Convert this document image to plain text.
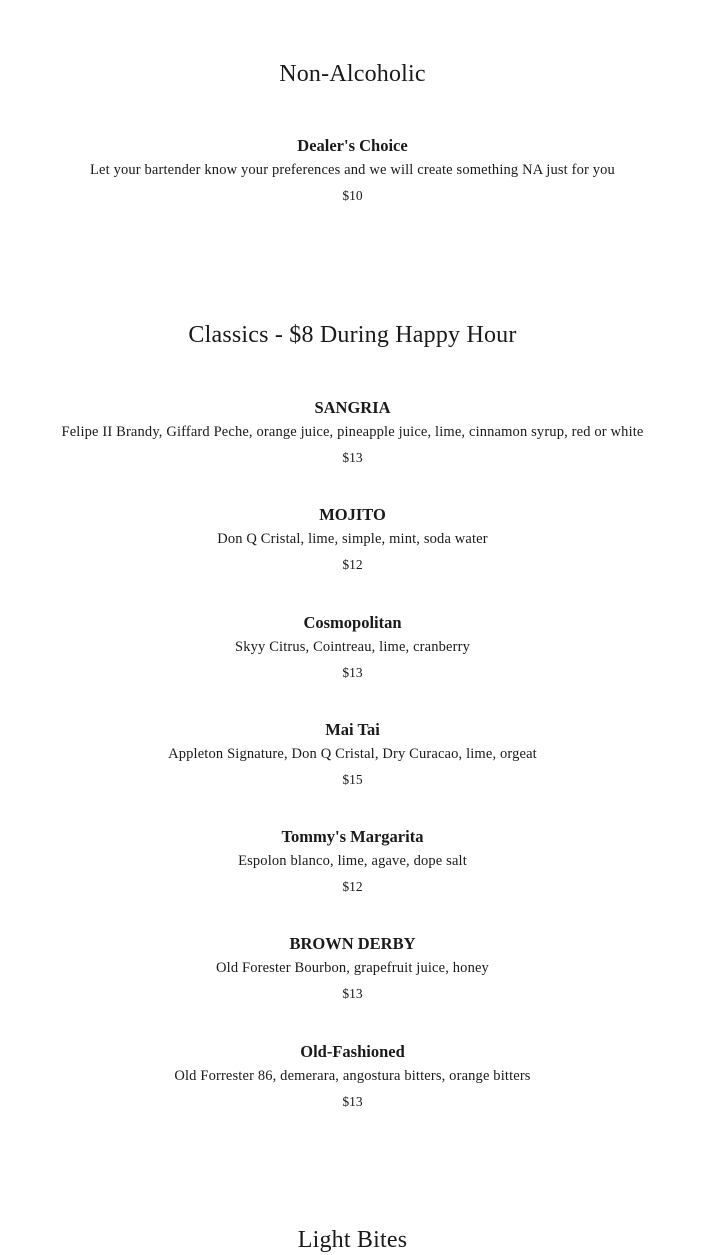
Non-Alcoholic
Dealer's Choice
Let your bartender know your preferences and we will create something NA just for you
$10
Classics - $8 During Happy Hour
SANGRIA
Felipe II Brandy, Giffard Peche, orange juice, pineapple juice, lime, cinnamon syrup, red or white
$13
MOJITO
Don Q Cristal, lime, simple, mint, soda water
$12
Cosmopolitan
Skyy Citrus, Cointreau, lime, cranberry
$13
Mai Tai
Appleton Signature, Don Q Cristal, Dry Curacao, lime, orgeat
$15
Tommy's Margarita
Espolon blanco, lime, agave, dope salt
$12
BROWN DERBY
Old Forester Bourbon, grapefruit juice, honey
$13
Old-Fashioned
Old Forrester 86, demerara, angostura bitters, orange bitters
$13
Light Bites
